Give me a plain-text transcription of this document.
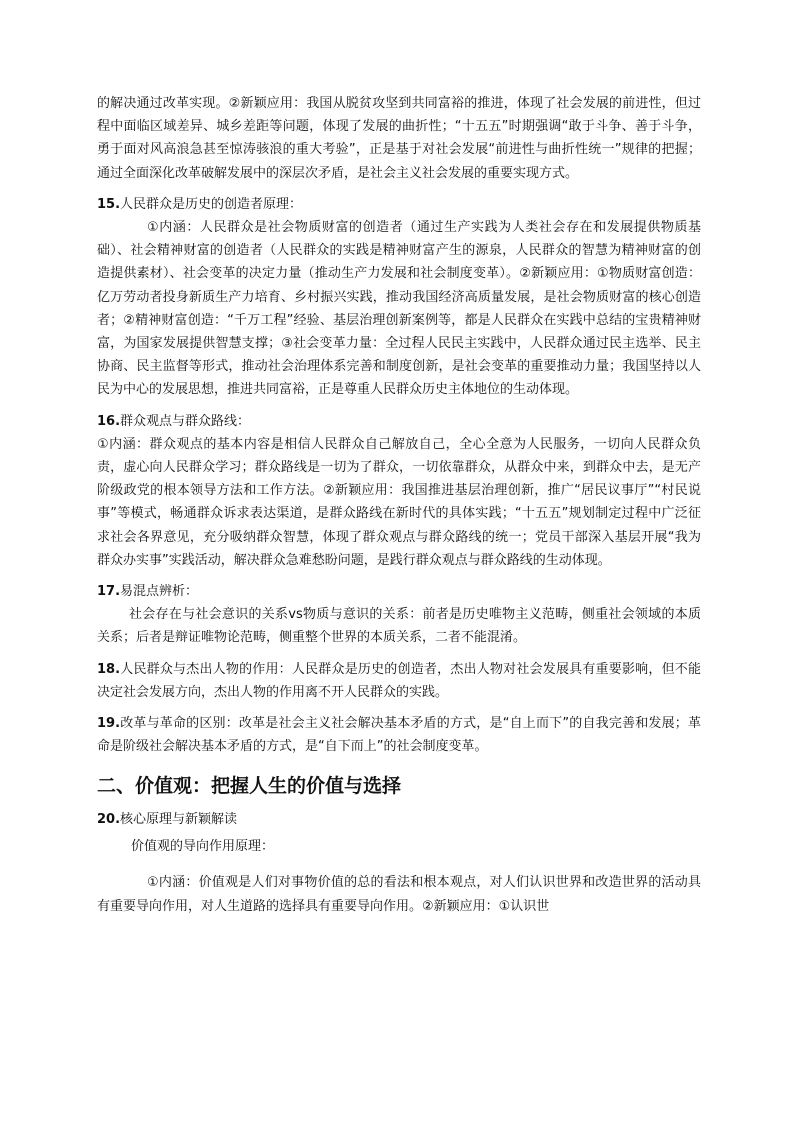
的解决通过改革实现。②新颖应用：我国从脱贫攻坚到共同富裕的推进，体现了社会发展的前进性，但过程中面临区域差异、城乡差距等问题，体现了发展的曲折性；“十五五”时期强调“敢于斗争、善于斗争，勇于面对风高浪急甚至惊涛骇浪的重大考验”，正是基于对社会发展“前进性与曲折性统一”规律的把握；通过全面深化改革破解发展中的深层次矛盾，是社会主义社会发展的重要实现方式。

15.人民群众是历史的创造者原理：

①内涵：人民群众是社会物质财富的创造者（通过生产实践为人类社会存在和发展提供物质基础）、社会精神财富的创造者（人民群众的实践是精神财富产生的源泉，人民群众的智慧为精神财富的创造提供素材）、社会变革的决定力量（推动生产力发展和社会制度变革）。②新颖应用：①物质财富创造：亿万劳动者投身新质生产力培育、乡村振兴实践，推动我国经济高质量发展，是社会物质财富的核心创造者；②精神财富创造：“千万工程”经验、基层治理创新案例等，都是人民群众在实践中总结的宝贵精神财富，为国家发展提供智慧支撑；③社会变革力量：全过程人民民主实践中，人民群众通过民主选举、民主协商、民主监督等形式，推动社会治理体系完善和制度创新，是社会变革的重要推动力量；我国坚持以人民为中心的发展思想，推进共同富裕，正是尊重人民群众历史主体地位的生动体现。

16.群众观点与群众路线：

①内涵：群众观点的基本内容是相信人民群众自己解放自己，全心全意为人民服务，一切向人民群众负责，虚心向人民群众学习；群众路线是一切为了群众，一切依靠群众，从群众中来，到群众中去，是无产阶级政党的根本领导方法和工作方法。②新颖应用：我国推进基层治理创新，推广“居民议事厅”“村民说事”等模式，畅通群众诉求表达渠道，是群众路线在新时代的具体实践；“十五五”规划制定过程中广泛征求社会各界意见，充分吸纳群众智慧，体现了群众观点与群众路线的统一；党员干部深入基层开展“我为群众办实事”实践活动，解决群众急难愁盼问题，是践行群众观点与群众路线的生动体现。

17.易混点辨析：

社会存在与社会意识的关系vs物质与意识的关系：前者是历史唯物主义范畴，侧重社会领域的本质关系；后者是辩证唯物论范畴，侧重整个世界的本质关系，二者不能混淆。

18.人民群众与杰出人物的作用：人民群众是历史的创造者，杰出人物对社会发展具有重要影响，但不能决定社会发展方向，杰出人物的作用离不开人民群众的实践。

19.改革与革命的区别：改革是社会主义社会解决基本矛盾的方式，是“自上而下”的自我完善和发展；革命是阶级社会解决基本矛盾的方式，是“自下而上”的社会制度变革。

二、价值观：把握人生的价值与选择

20.核心原理与新颖解读

价值观的导向作用原理：

①内涵：价值观是人们对事物价值的总的看法和根本观点，对人们认识世界和改造世界的活动具有重要导向作用，对人生道路的选择具有重要导向作用。②新颖应用：①认识世
